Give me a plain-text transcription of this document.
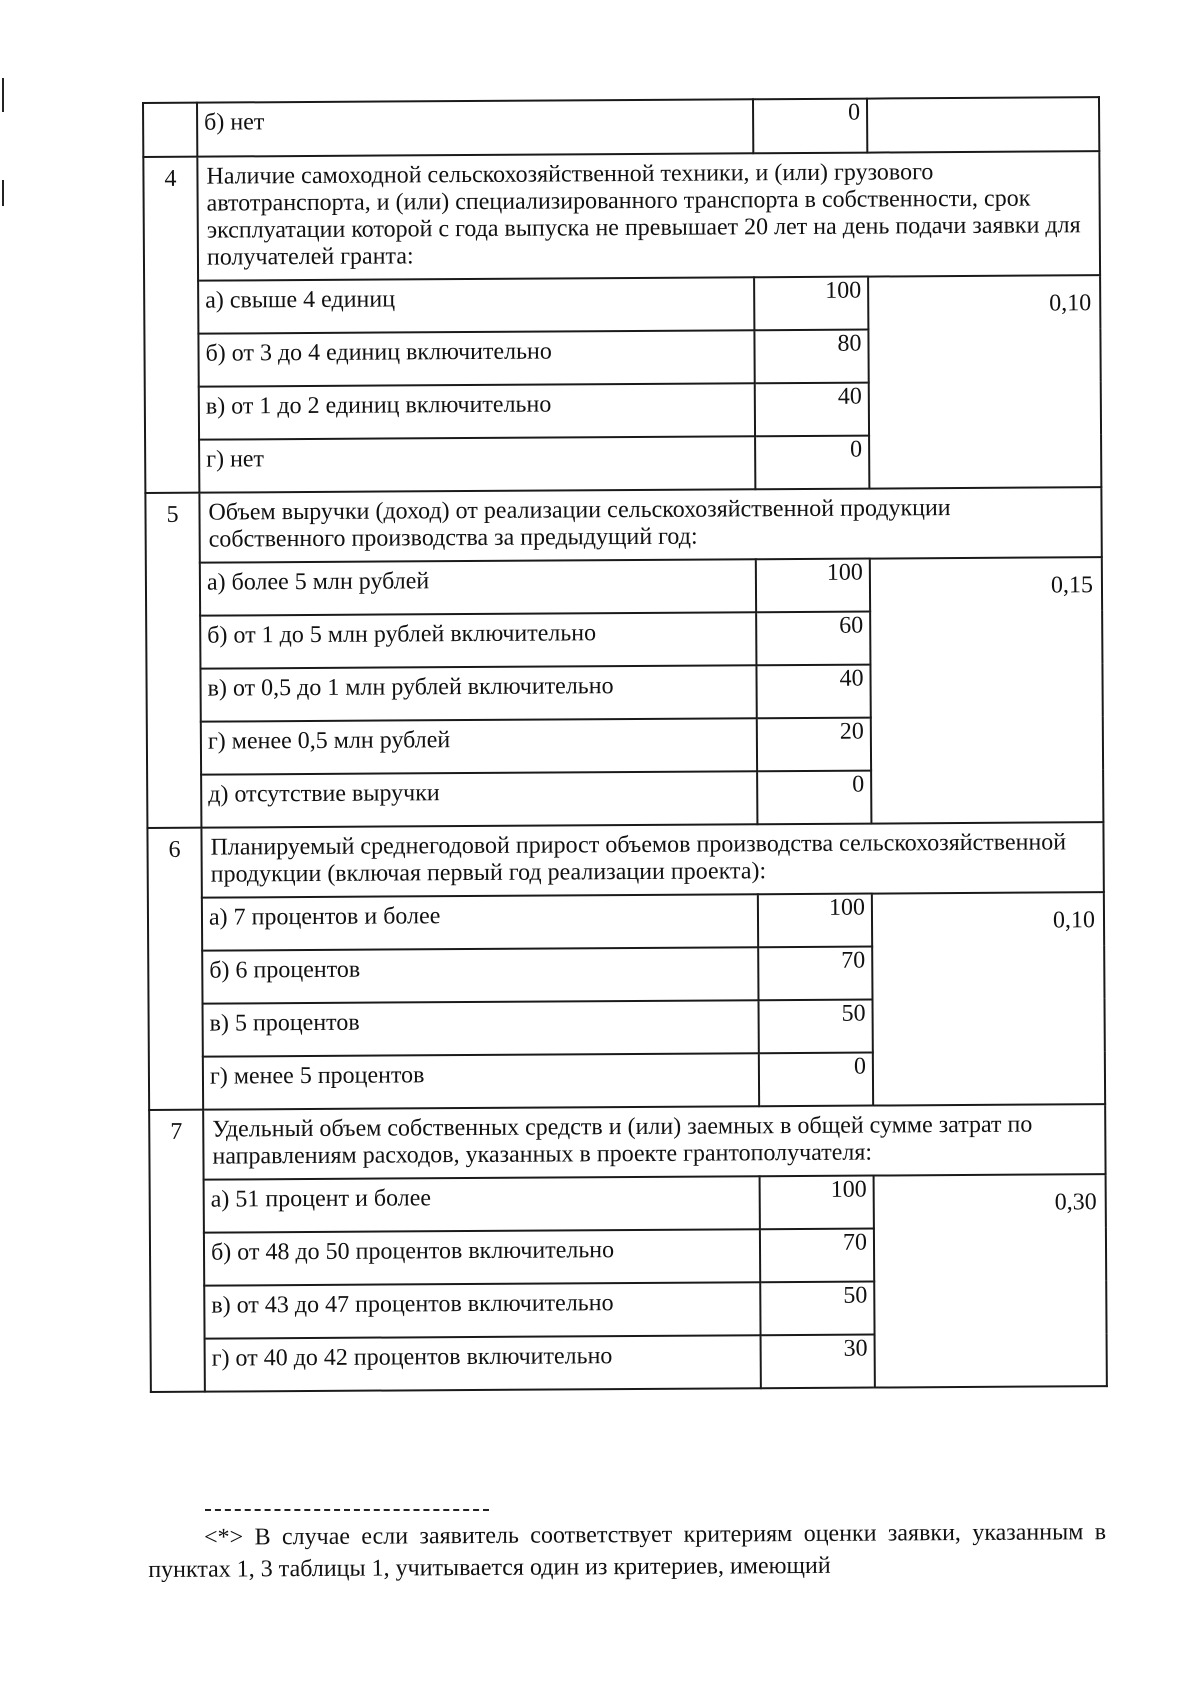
	б) нет	0	
4	Наличие самоходной сельскохозяйственной техники, и (или) грузового автотранспорта, и (или) специализированного транспорта в собственности, срок эксплуатации которой с года выпуска не превышает 20 лет на день подачи заявки для получателей гранта:		
	а) свыше 4 единиц	100	0,10
	б) от 3 до 4 единиц включительно	80	
	в) от 1 до 2 единиц включительно	40	
	г) нет	0	
5	Объем выручки (доход) от реализации сельскохозяйственной продукции собственного производства за предыдущий год:		
	а) более 5 млн рублей	100	0,15
	б) от 1 до 5 млн рублей включительно	60	
	в) от 0,5 до 1 млн рублей включительно	40	
	г) менее 0,5 млн рублей	20	
	д) отсутствие выручки	0	
6	Планируемый среднегодовой прирост объемов производства сельскохозяйственной продукции (включая первый год реализации проекта):		
	а) 7 процентов и более	100	0,10
	б) 6 процентов	70	
	в) 5 процентов	50	
	г) менее 5 процентов	0	
7	Удельный объем собственных средств и (или) заемных в общей сумме затрат по направлениям расходов, указанных в проекте грантополучателя:		
	а) 51 процент и более	100	0,30
	б) от 48 до 50 процентов включительно	70	
	в) от 43 до 47 процентов включительно	50	
	г) от 40 до 42 процентов включительно	30	

<*> В случае если заявитель соответствует критериям оценки заявки, указанным в пунктах 1, 3 таблицы 1, учитывается один из критериев, имеющий
